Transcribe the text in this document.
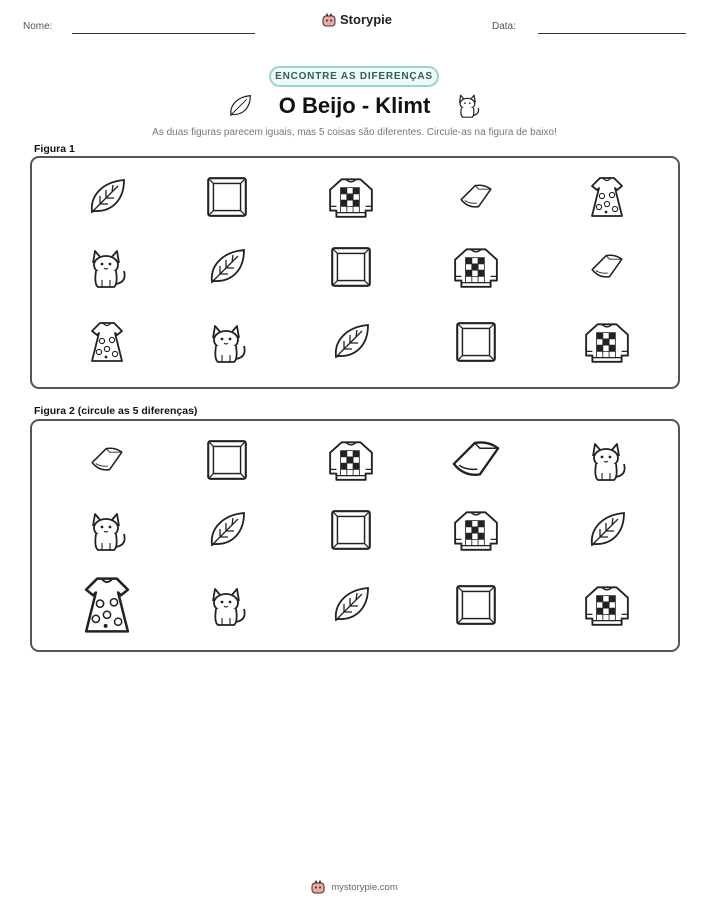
Nome:	Storypie	Data:
ENCONTRE AS DIFERENÇAS
O Beijo - Klimt
As duas figuras parecem iguais, mas 5 coisas são diferentes. Circule-as na figura de baixo!
Figura 1
Figura 2 (circule as 5 diferenças)
mystorypie.com
